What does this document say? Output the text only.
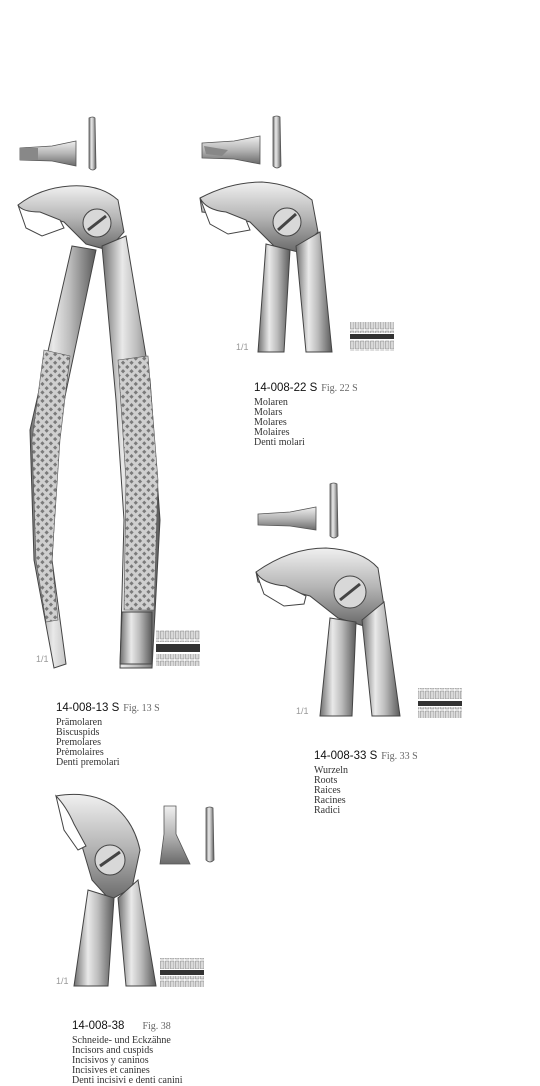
1/1
1/1
1/1
1/1
14-008-13 S Fig. 13 S
Prämolaren
Biscuspids
Premolares
Prèmolaires
Denti premolari
14-008-22 S Fig. 22 S
Molaren
Molars
Molares
Molaires
Denti molari
14-008-33 S Fig. 33 S
Wurzeln
Roots
Raices
Racines
Radici
14-008-38 Fig. 38
Schneide- und Eckzähne
Incisors and cuspids
Incisivos y caninos
Incisives et canines
Denti incisivi e denti canini
